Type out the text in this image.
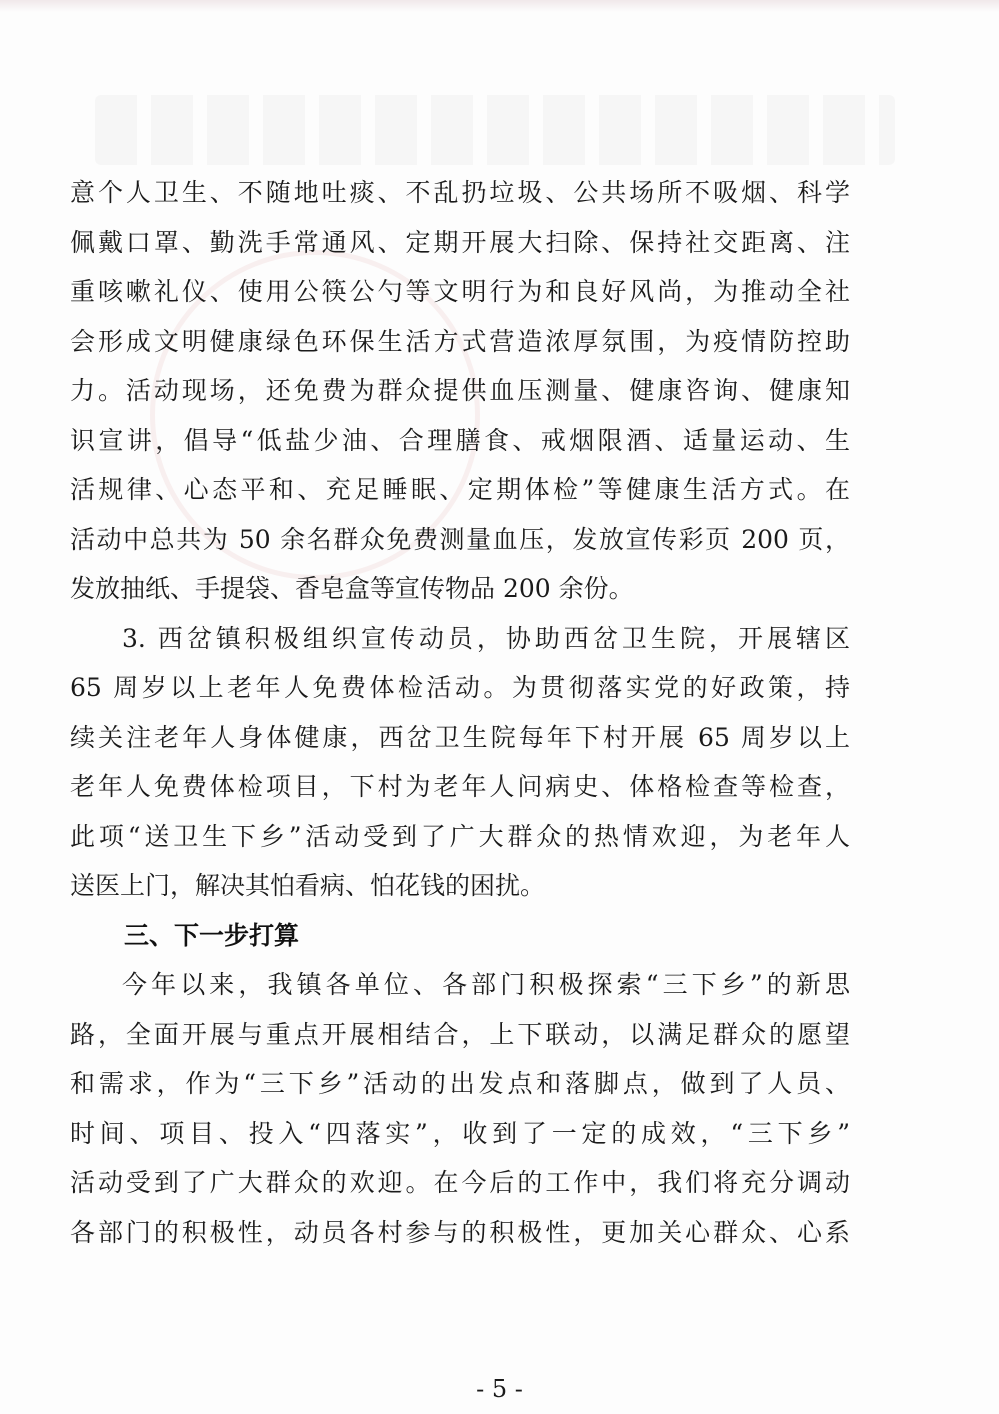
意个人卫生、不随地吐痰、不乱扔垃圾、公共场所不吸烟、科学

佩戴口罩、勤洗手常通风、定期开展大扫除、保持社交距离、注

重咳嗽礼仪、使用公筷公勺等文明行为和良好风尚，为推动全社

会形成文明健康绿色环保生活方式营造浓厚氛围，为疫情防控助

力。活动现场，还免费为群众提供血压测量、健康咨询、健康知

识宣讲，倡导“低盐少油、合理膳食、戒烟限酒、适量运动、生

活规律、心态平和、充足睡眠、定期体检”等健康生活方式。在

活动中总共为 50 余名群众免费测量血压，发放宣传彩页 200 页，

发放抽纸、手提袋、香皂盒等宣传物品 200 余份。

3. 西岔镇积极组织宣传动员，协助西岔卫生院，开展辖区

65 周岁以上老年人免费体检活动。为贯彻落实党的好政策，持

续关注老年人身体健康，西岔卫生院每年下村开展 65 周岁以上

老年人免费体检项目，下村为老年人问病史、体格检查等检查，

此项“送卫生下乡”活动受到了广大群众的热情欢迎，为老年人

送医上门，解决其怕看病、怕花钱的困扰。

三、下一步打算

今年以来，我镇各单位、各部门积极探索“三下乡”的新思

路，全面开展与重点开展相结合，上下联动，以满足群众的愿望

和需求，作为“三下乡”活动的出发点和落脚点，做到了人员、

时间、项目、投入“四落实”，收到了一定的成效，“三下乡”

活动受到了广大群众的欢迎。在今后的工作中，我们将充分调动

各部门的积极性，动员各村参与的积极性，更加关心群众、心系

- 5 -
